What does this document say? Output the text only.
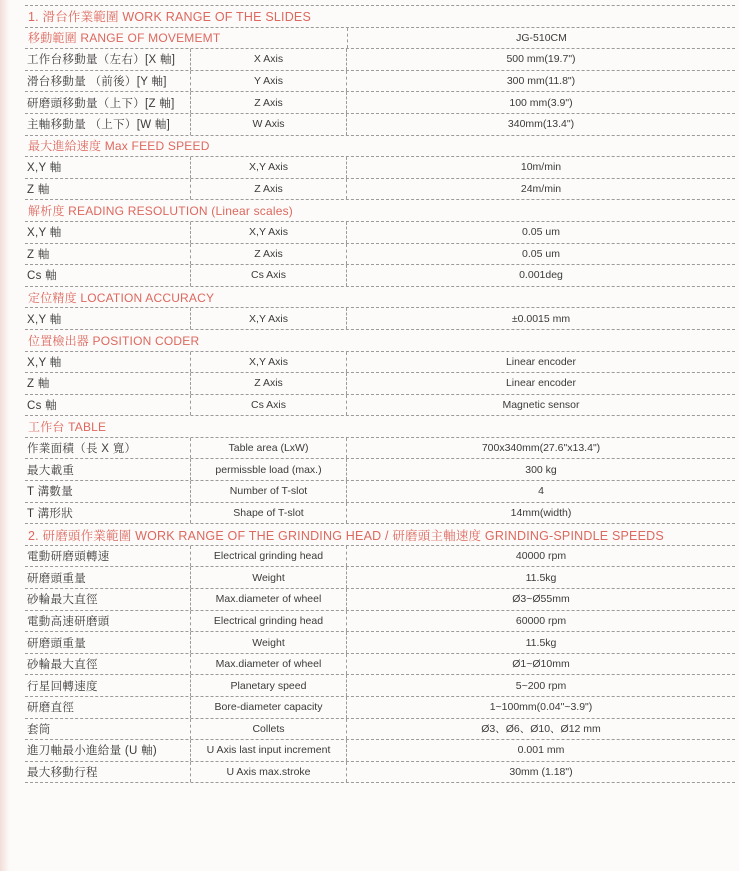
1. 滑台作業範圍 WORK RANGE OF THE SLIDES
移動範圍 RANGE OF MOVEMEMT	JG-510CM
工作台移動量（左右）[X 軸]	X Axis	500 mm(19.7")
滑台移動量 （前後）[Y 軸]	Y Axis	300 mm(11.8")
研磨頭移動量（上下）[Z 軸]	Z Axis	100 mm(3.9")
主軸移動量 （上下）[W 軸]	W Axis	340mm(13.4")
最大進給速度 Max FEED SPEED
X,Y 軸	X,Y Axis	10m/min
Z 軸	Z Axis	24m/min
解析度 READING RESOLUTION (Linear scales)
X,Y 軸	X,Y Axis	0.05 um
Z 軸	Z Axis	0.05 um
Cs 軸	Cs Axis	0.001deg
定位精度 LOCATION ACCURACY
X,Y 軸	X,Y Axis	±0.0015 mm
位置檢出器 POSITION CODER
X,Y 軸	X,Y Axis	Linear encoder
Z 軸	Z Axis	Linear encoder
Cs 軸	Cs Axis	Magnetic sensor
工作台 TABLE
作業面積（長 X 寬）	Table area (LxW)	700x340mm(27.6"x13.4")
最大載重	permissble load (max.)	300 kg
T 溝數量	Number of T-slot	4
T 溝形狀	Shape of T-slot	14mm(width)
2. 研磨頭作業範圍 WORK RANGE OF THE GRINDING HEAD / 研磨頭主軸速度 GRINDING-SPINDLE SPEEDS
電動研磨頭轉速	Electrical grinding head	40000 rpm
研磨頭重量	Weight	11.5kg
砂輪最大直徑	Max.diameter of wheel	Ø3~Ø55mm
電動高速研磨頭	Electrical grinding head	60000 rpm
研磨頭重量	Weight	11.5kg
砂輪最大直徑	Max.diameter of wheel	Ø1~Ø10mm
行星回轉速度	Planetary speed	5~200 rpm
研磨直徑	Bore-diameter capacity	1~100mm(0.04"~3.9")
套筒	Collets	Ø3、Ø6、Ø10、Ø12 mm
進刀軸最小進給量 (U 軸)	U Axis last input increment	0.001 mm
最大移動行程	U Axis max.stroke	30mm (1.18")
